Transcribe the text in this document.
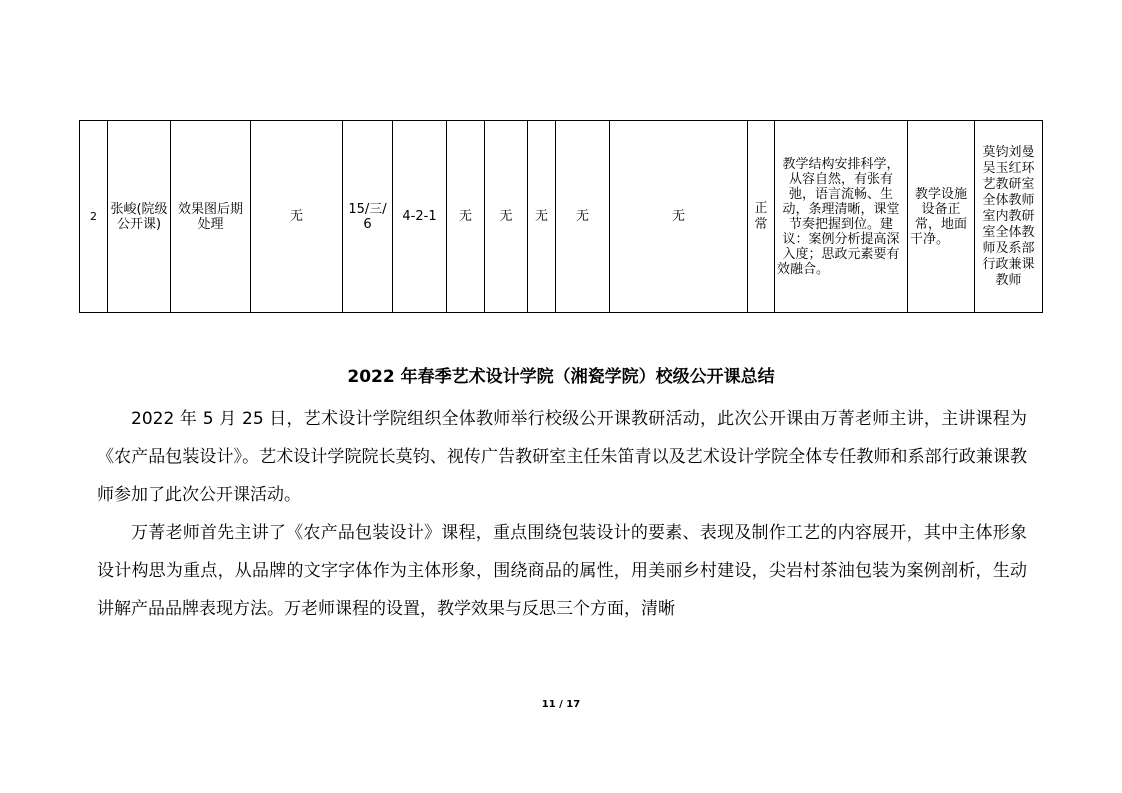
2	张峻(院级公开课)	效果图后期处理	无	15/三/6	4-2-1	无	无	无	无	无	正常	教学结构安排科学，从容自然，有张有弛，语言流畅、生动，条理清晰，课堂节奏把握到位。建议：案例分析提高深入度；思政元素要有效融合。	教学设施设备正常，地面干净。	莫钧刘曼吴玉红环艺教研室全体教师室内教研室全体教师及系部行政兼课教师
2022 年春季艺术设计学院（湘瓷学院）校级公开课总结

2022 年 5 月 25 日，艺术设计学院组织全体教师举行校级公开课教研活动，此次公开课由万菁老师主讲，主讲课程为《农产品包装设计》。艺术设计学院院长莫钧、视传广告教研室主任朱笛青以及艺术设计学院全体专任教师和系部行政兼课教师参加了此次公开课活动。

万菁老师首先主讲了《农产品包装设计》课程，重点围绕包装设计的要素、表现及制作工艺的内容展开，其中主体形象设计构思为重点，从品牌的文字字体作为主体形象，围绕商品的属性，用美丽乡村建设，尖岩村茶油包装为案例剖析，生动讲解产品品牌表现方法。万老师课程的设置，教学效果与反思三个方面，清晰

11 / 17
